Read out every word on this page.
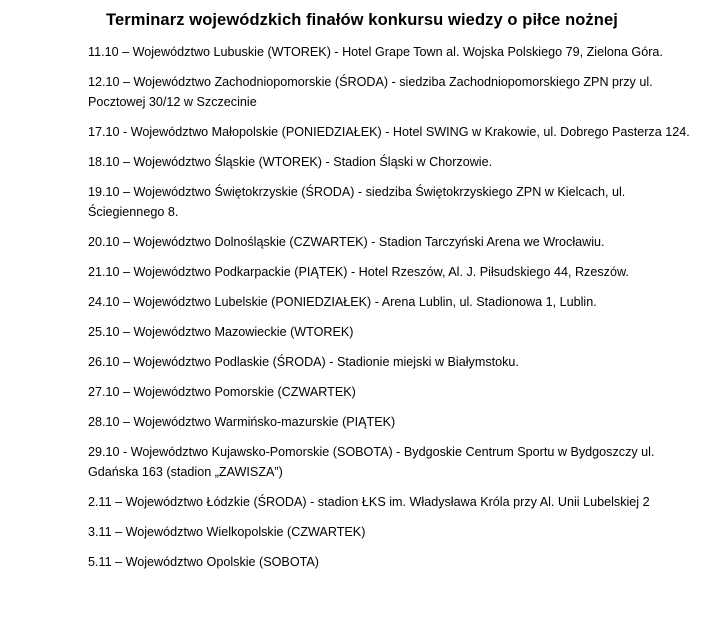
Terminarz wojewódzkich finałów konkursu wiedzy o piłce nożnej
11.10 – Województwo Lubuskie (WTOREK) - Hotel Grape Town al. Wojska Polskiego 79, Zielona Góra.
12.10 – Województwo Zachodniopomorskie (ŚRODA) - siedziba Zachodniopomorskiego ZPN przy ul. Pocztowej 30/12 w Szczecinie
17.10 - Województwo Małopolskie (PONIEDZIAŁEK) - Hotel SWING w Krakowie, ul. Dobrego Pasterza 124.
18.10 – Województwo Śląskie (WTOREK) - Stadion Śląski w Chorzowie.
19.10 – Województwo Świętokrzyskie (ŚRODA) - siedziba Świętokrzyskiego ZPN w Kielcach, ul. Ściegiennego 8.
20.10 – Województwo Dolnośląskie (CZWARTEK) - Stadion Tarczyński Arena we Wrocławiu.
21.10 – Województwo Podkarpackie (PIĄTEK) - Hotel Rzeszów, Al. J. Piłsudskiego 44, Rzeszów.
24.10 – Województwo Lubelskie (PONIEDZIAŁEK) - Arena Lublin, ul. Stadionowa 1, Lublin.
25.10 – Województwo Mazowieckie (WTOREK)
26.10 – Województwo Podlaskie (ŚRODA) - Stadionie miejski w Białymstoku.
27.10 – Województwo Pomorskie (CZWARTEK)
28.10 – Województwo Warmińsko-mazurskie (PIĄTEK)
29.10 - Województwo Kujawsko-Pomorskie (SOBOTA) - Bydgoskie Centrum Sportu w Bydgoszczy ul. Gdańska 163 (stadion „ZAWISZA”)
2.11 – Województwo Łódzkie (ŚRODA) - stadion ŁKS im. Władysława Króla przy Al. Unii Lubelskiej 2
3.11 – Województwo Wielkopolskie (CZWARTEK)
5.11 – Województwo Opolskie (SOBOTA)
